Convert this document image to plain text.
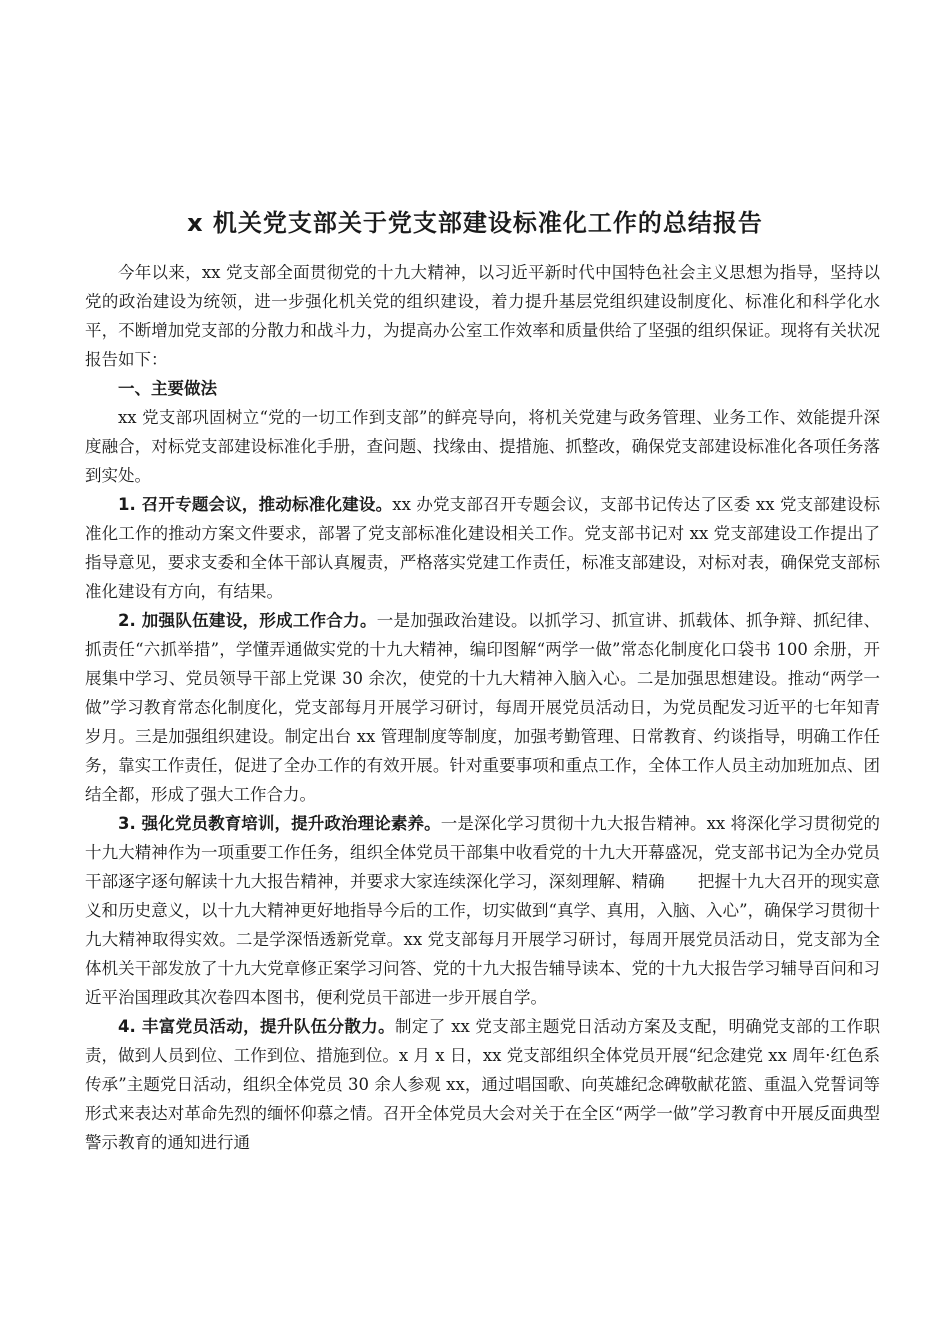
x 机关党支部关于党支部建设标准化工作的总结报告

今年以来，xx 党支部全面贯彻党的十九大精神，以习近平新时代中国特色社会主义思想为指导，坚持以党的政治建设为统领，进一步强化机关党的组织建设，着力提升基层党组织建设制度化、标准化和科学化水平，不断增加党支部的分散力和战斗力，为提高办公室工作效率和质量供给了坚强的组织保证。现将有关状况报告如下：

一、主要做法

xx 党支部巩固树立“党的一切工作到支部”的鲜亮导向，将机关党建与政务管理、业务工作、效能提升深度融合，对标党支部建设标准化手册，查问题、找缘由、提措施、抓整改，确保党支部建设标准化各项任务落到实处。

1. 召开专题会议，推动标准化建设。xx 办党支部召开专题会议，支部书记传达了区委 xx 党支部建设标准化工作的推动方案文件要求，部署了党支部标准化建设相关工作。党支部书记对 xx 党支部建设工作提出了指导意见，要求支委和全体干部认真履责，严格落实党建工作责任，标准支部建设，对标对表，确保党支部标准化建设有方向，有结果。

2. 加强队伍建设，形成工作合力。一是加强政治建设。以抓学习、抓宣讲、抓载体、抓争辩、抓纪律、抓责任“六抓举措”，学懂弄通做实党的十九大精神，编印图解“两学一做”常态化制度化口袋书 100 余册，开展集中学习、党员领导干部上党课 30 余次，使党的十九大精神入脑入心。二是加强思想建设。推动“两学一做”学习教育常态化制度化，党支部每月开展学习研讨，每周开展党员活动日，为党员配发习近平的七年知青岁月。三是加强组织建设。制定出台 xx 管理制度等制度，加强考勤管理、日常教育、约谈指导，明确工作任务，靠实工作责任，促进了全办工作的有效开展。针对重要事项和重点工作，全体工作人员主动加班加点、团结全都，形成了强大工作合力。

3. 强化党员教育培训，提升政治理论素养。一是深化学习贯彻十九大报告精神。xx 将深化学习贯彻党的十九大精神作为一项重要工作任务，组织全体党员干部集中收看党的十九大开幕盛况，党支部书记为全办党员干部逐字逐句解读十九大报告精神，并要求大家连续深化学习，深刻理解、精确　　把握十九大召开的现实意义和历史意义，以十九大精神更好地指导今后的工作，切实做到“真学、真用，入脑、入心”，确保学习贯彻十九大精神取得实效。二是学深悟透新党章。xx 党支部每月开展学习研讨，每周开展党员活动日，党支部为全体机关干部发放了十九大党章修正案学习问答、党的十九大报告辅导读本、党的十九大报告学习辅导百问和习近平治国理政其次卷四本图书，便利党员干部进一步开展自学。

4. 丰富党员活动，提升队伍分散力。制定了 xx 党支部主题党日活动方案及支配，明确党支部的工作职责，做到人员到位、工作到位、措施到位。x 月 x 日，xx 党支部组织全体党员开展“纪念建党 xx 周年·红色系传承”主题党日活动，组织全体党员 30 余人参观 xx，通过唱国歌、向英雄纪念碑敬献花篮、重温入党誓词等形式来表达对革命先烈的缅怀仰慕之情。召开全体党员大会对关于在全区“两学一做”学习教育中开展反面典型警示教育的通知进行通
